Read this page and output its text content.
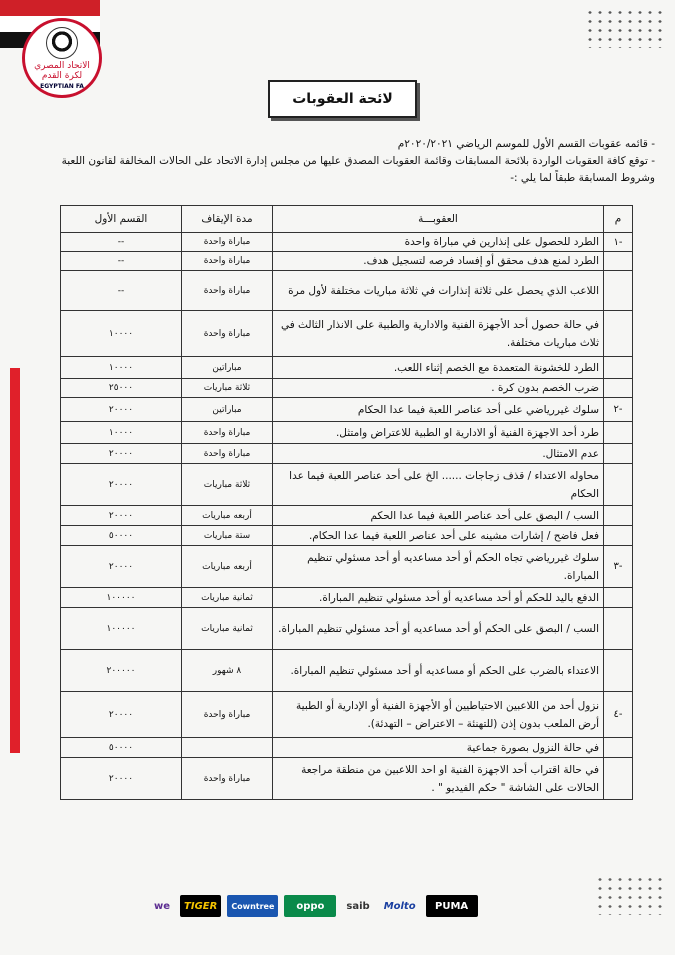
الاتحاد المصري لكرة القدم
EGYPTIAN FA
لائحة العقوبات

- قائمه عقوبات القسم الأول للموسم الرياضي ٢٠٢٠/٢٠٢١م

- توقع كافة العقوبات الواردة بلائحة المسابقات وقائمة العقوبات المصدق عليها من مجلس إدارة الاتحاد على الحالات المخالفة لقانون اللعبة وشروط المسابقة طبقاً لما يلي :-

م	العقوبـــة	مدة الإيقاف	القسم الأول
-١	الطرد للحصول على إنذارين في مباراة واحدة	مباراة واحدة	--
	الطرد لمنع هدف محقق أو إفساد فرصه لتسجيل هدف.	مباراة واحدة	--
	اللاعب الذي يحصل على ثلاثة إنذارات في ثلاثة مباريات مختلفة لأول مرة	مباراة واحدة	--
	في حالة حصول أحد الأجهزة الفنية والادارية والطبية على الانذار الثالث في ثلاث مباريات مختلفة.	مباراة واحدة	١٠٠٠٠
	الطرد للخشونة المتعمدة مع الخصم إثناء اللعب.	مباراتين	١٠٠٠٠
	ضرب الخصم بدون كرة .	ثلاثة مباريات	٢٥٠٠٠
-٢	سلوك غيررياضي على أحد عناصر اللعبة فيما عدا الحكام	مباراتين	٢٠٠٠٠
	طرد أحد الاجهزة الفنية أو الادارية او الطبية للاعتراض وامتثل.	مباراة واحدة	١٠٠٠٠
	عدم الامتثال.	مباراة واحدة	٢٠٠٠٠
	محاوله الاعتداء / قذف زجاجات ...... الخ على أحد عناصر اللعبة فيما عدا الحكام	ثلاثة مباريات	٢٠٠٠٠
	السب / البصق على أحد عناصر اللعبة فيما عدا الحكم	أربعه مباريات	٢٠٠٠٠
	فعل فاضح / إشارات مشينه على أحد عناصر اللعبة فيما عدا الحكام.	ستة مباريات	٥٠٠٠٠
-٣	سلوك غيررياضي تجاه الحكم أو أحد مساعديه أو أحد مسئولي تنظيم المباراة.	أربعه مباريات	٢٠٠٠٠
	الدفع باليد للحكم أو أحد مساعديه أو أحد مسئولي تنظيم المباراة.	ثمانية مباريات	١٠٠٠٠٠
	السب / البصق على الحكم أو أحد مساعديه أو أحد مسئولي تنظيم المباراة.	ثمانية مباريات	١٠٠٠٠٠
	الاعتداء بالضرب على الحكم أو مساعديه أو أحد مسئولي تنظيم المباراة.	٨ شهور	٢٠٠٠٠٠
-٤	نزول أحد من اللاعبين الاحتياطيين أو الأجهزة الفنية أو الإدارية أو الطبية أرض الملعب بدون إذن (للتهنئة – الاعتراض – التهدئة).	مباراة واحدة	٢٠٠٠٠
	في حالة النزول بصورة جماعية		٥٠٠٠٠
	في حالة اقتراب أحد الاجهزة الفنية او احد اللاعبين من منطقة مراجعة الحالات على الشاشة " حكم الفيديو " .	مباراة واحدة	٢٠٠٠٠
we	TIGER	Cowntree	oppo	saib	Molto	PUMA
